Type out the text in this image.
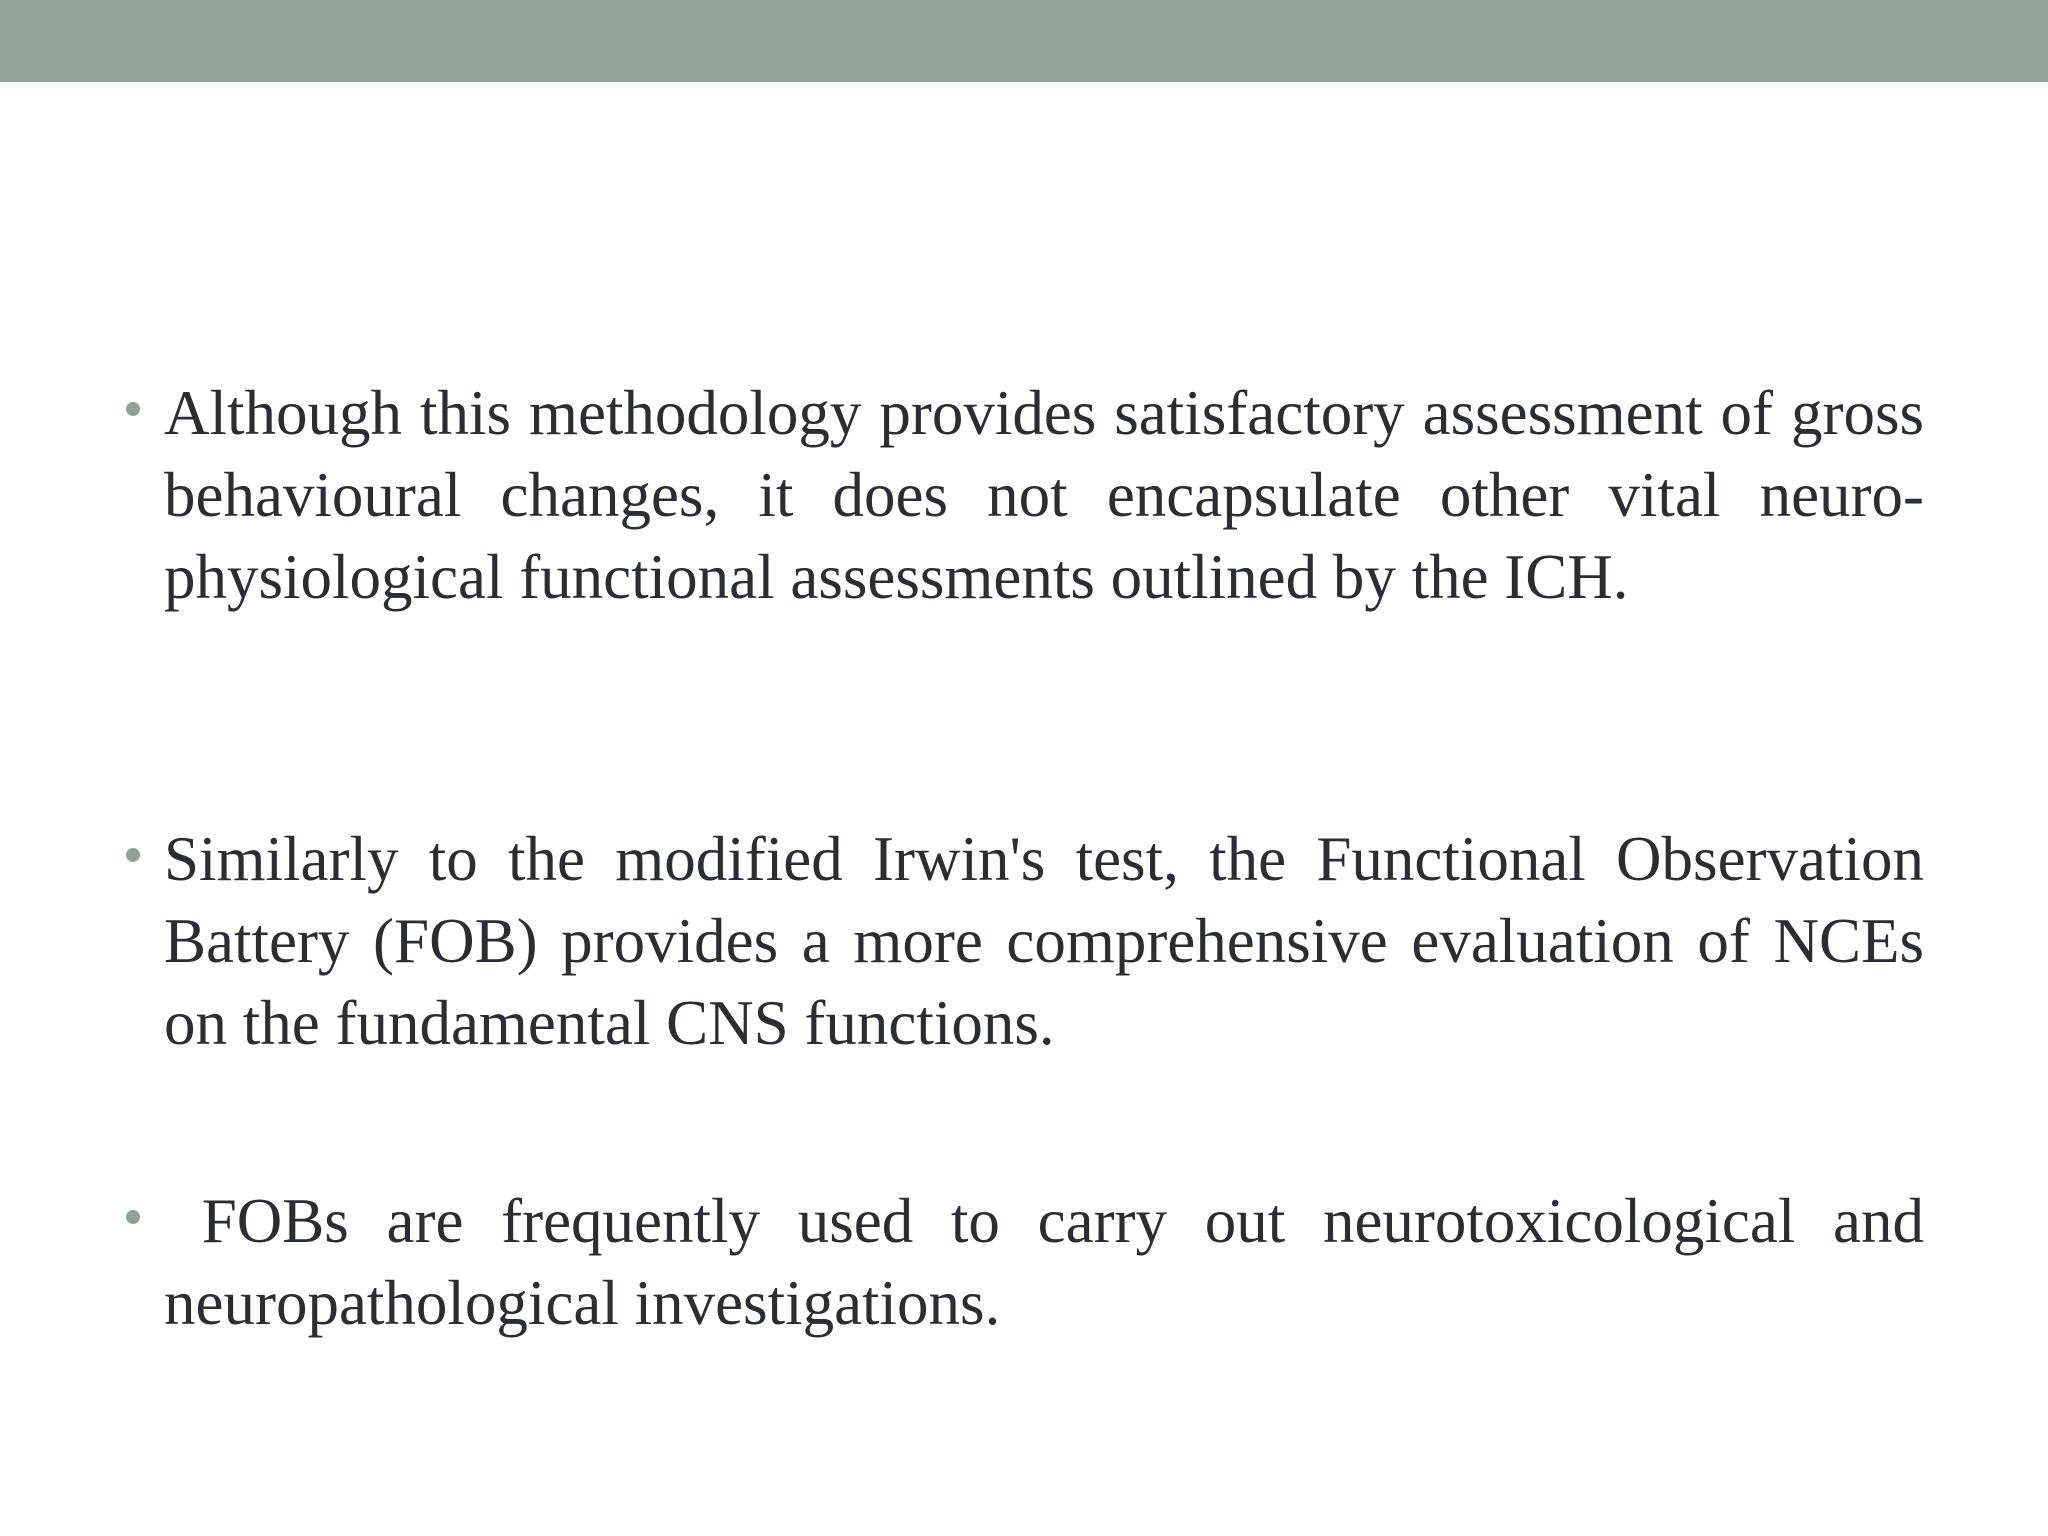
Although this methodology provides satisfactory assessment of gross behavioural changes, it does not encapsulate other vital neuro-physiological functional assessments outlined by the ICH.

Similarly to the modified Irwin's test, the Functional Observation Battery (FOB) provides a more comprehensive evaluation of NCEs on the fundamental CNS functions.

FOBs are frequently used to carry out neurotoxicological and neuropathological investigations.
